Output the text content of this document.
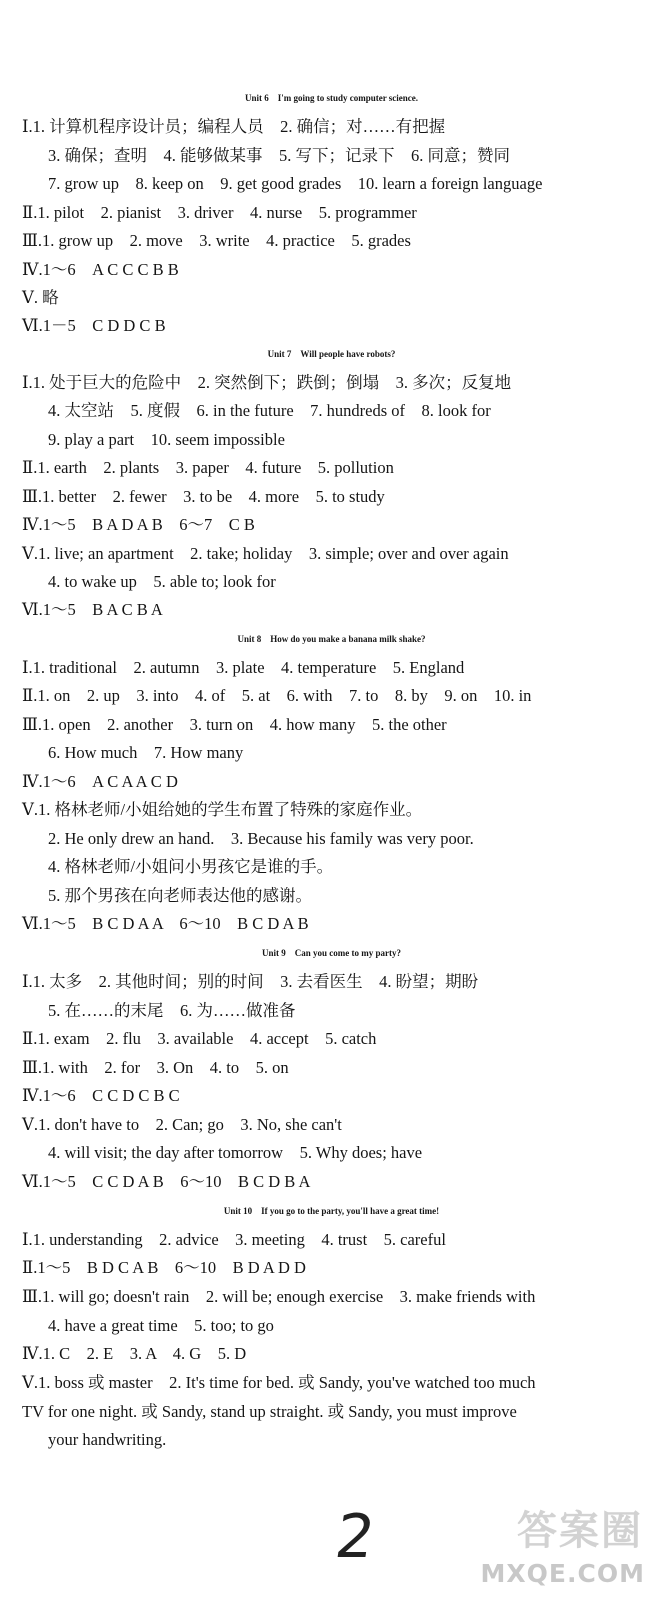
Unit 6　I'm going to study computer science.
Ⅰ.1. 计算机程序设计员；编程人员　2. 确信；对……有把握
3. 确保；查明　4. 能够做某事　5. 写下；记录下　6. 同意；赞同
7. grow up　8. keep on　9. get good grades　10. learn a foreign language
Ⅱ.1. pilot　2. pianist　3. driver　4. nurse　5. programmer
Ⅲ.1. grow up　2. move　3. write　4. practice　5. grades
Ⅳ.1～6　A C C C B B
Ⅴ. 略
Ⅵ.1－5　C D D C B
Unit 7　Will people have robots?
Ⅰ.1. 处于巨大的危险中　2. 突然倒下；跌倒；倒塌　3. 多次；反复地
4. 太空站　5. 度假　6. in the future　7. hundreds of　8. look for
9. play a part　10. seem impossible
Ⅱ.1. earth　2. plants　3. paper　4. future　5. pollution
Ⅲ.1. better　2. fewer　3. to be　4. more　5. to study
Ⅳ.1～5　B A D A B　6～7　C B
Ⅴ.1. live; an apartment　2. take; holiday　3. simple; over and over again
4. to wake up　5. able to; look for
Ⅵ.1～5　B A C B A
Unit 8　How do you make a banana milk shake?
Ⅰ.1. traditional　2. autumn　3. plate　4. temperature　5. England
Ⅱ.1. on　2. up　3. into　4. of　5. at　6. with　7. to　8. by　9. on　10. in
Ⅲ.1. open　2. another　3. turn on　4. how many　5. the other
6. How much　7. How many
Ⅳ.1～6　A C A A C D
Ⅴ.1. 格林老师/小姐给她的学生布置了特殊的家庭作业。
2. He only drew an hand.　3. Because his family was very poor.
4. 格林老师/小姐问小男孩它是谁的手。
5. 那个男孩在向老师表达他的感谢。
Ⅵ.1～5　B C D A A　6～10　B C D A B
Unit 9　Can you come to my party?
Ⅰ.1. 太多　2. 其他时间；别的时间　3. 去看医生　4. 盼望；期盼
5. 在……的末尾　6. 为……做准备
Ⅱ.1. exam　2. flu　3. available　4. accept　5. catch
Ⅲ.1. with　2. for　3. On　4. to　5. on
Ⅳ.1～6　C C D C B C
Ⅴ.1. don't have to　2. Can; go　3. No, she can't
4. will visit; the day after tomorrow　5. Why does; have
Ⅵ.1～5　C C D A B　6～10　B C D B A
Unit 10　If you go to the party, you'll have a great time!
Ⅰ.1. understanding　2. advice　3. meeting　4. trust　5. careful
Ⅱ.1～5　B D C A B　6～10　B D A D D
Ⅲ.1. will go; doesn't rain　2. will be; enough exercise　3. make friends with
4. have a great time　5. too; to go
Ⅳ.1. C　2. E　3. A　4. G　5. D
Ⅴ.1. boss 或 master　2. It's time for bed. 或 Sandy, you've watched too much
TV for one night. 或 Sandy, stand up straight. 或 Sandy, you must improve
your handwriting.
2	答案圈
MXQE.COM
